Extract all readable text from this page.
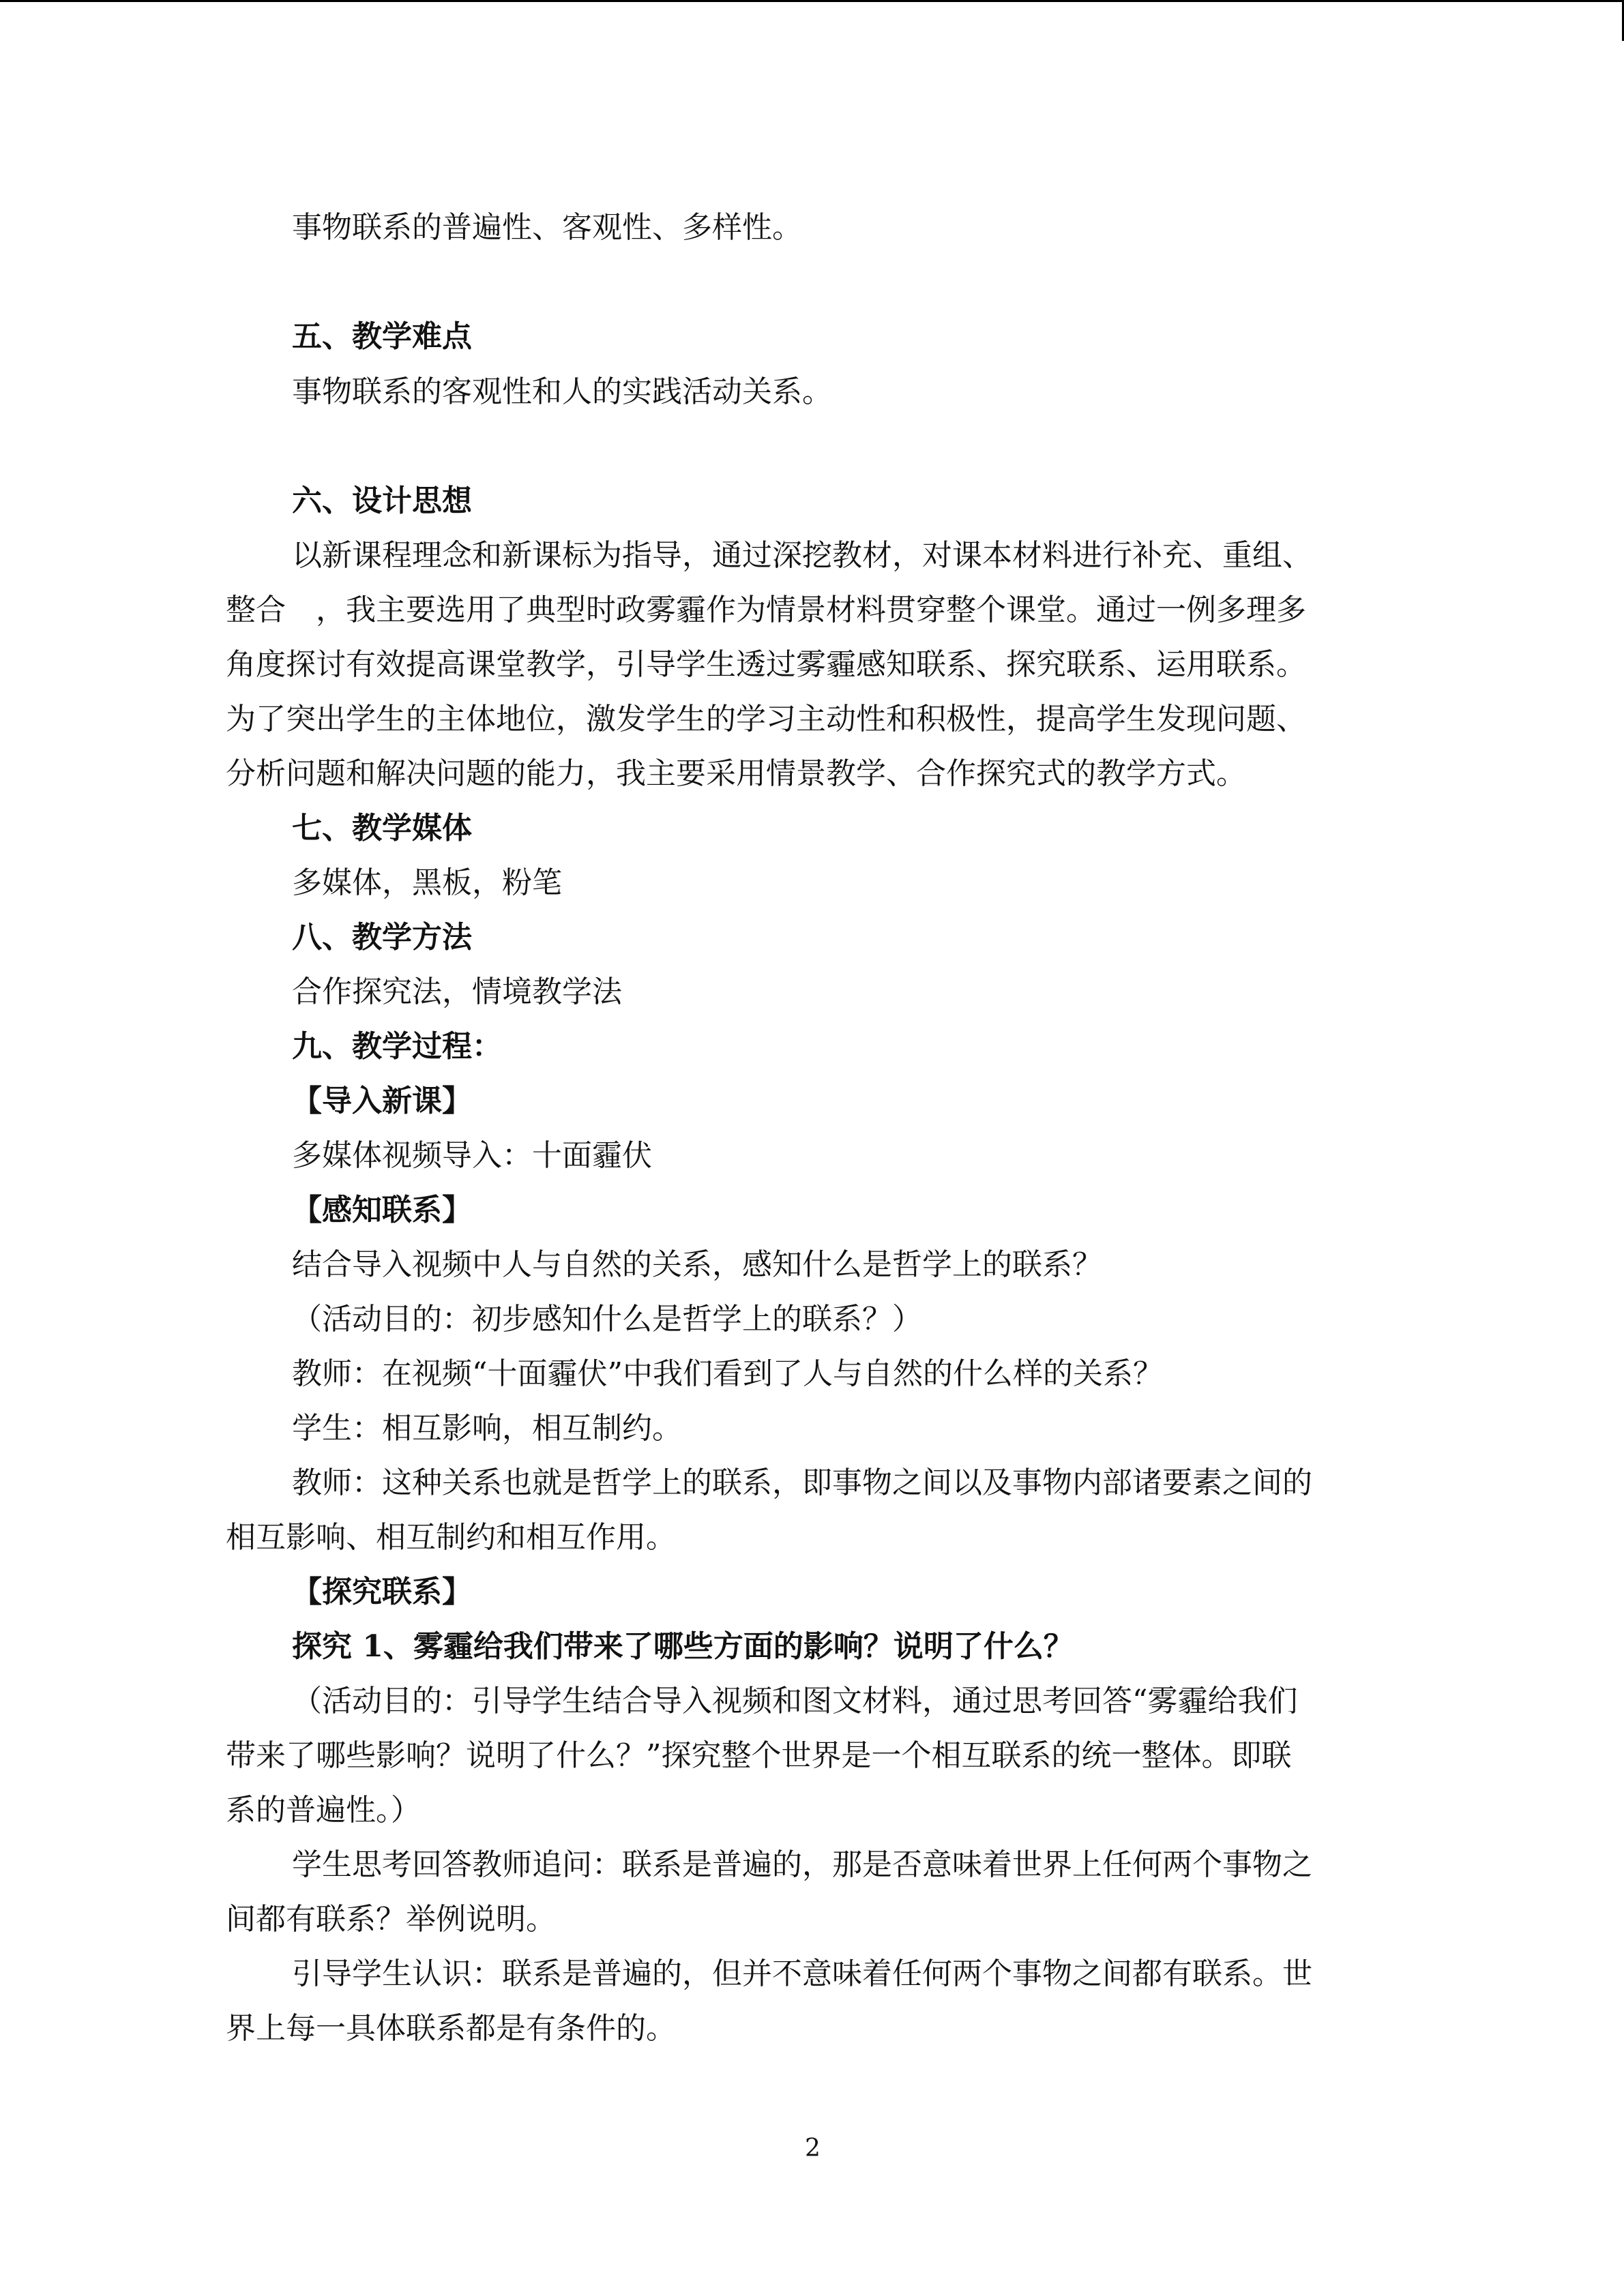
事物联系的普遍性、客观性、多样性。
五、教学难点
事物联系的客观性和人的实践活动关系。
六、设计思想
以新课程理念和新课标为指导，通过深挖教材，对课本材料进行补充、重组、
整合　，我主要选用了典型时政雾霾作为情景材料贯穿整个课堂。通过一例多理多
角度探讨有效提高课堂教学，引导学生透过雾霾感知联系、探究联系、运用联系。
为了突出学生的主体地位，激发学生的学习主动性和积极性，提高学生发现问题、
分析问题和解决问题的能力，我主要采用情景教学、合作探究式的教学方式。
七、教学媒体
多媒体，黑板，粉笔
八、教学方法
合作探究法，情境教学法
九、教学过程：
【导入新课】
多媒体视频导入：十面霾伏
【感知联系】
结合导入视频中人与自然的关系，感知什么是哲学上的联系？
（活动目的：初步感知什么是哲学上的联系？）
教师：在视频“十面霾伏”中我们看到了人与自然的什么样的关系？
学生：相互影响，相互制约。
教师：这种关系也就是哲学上的联系，即事物之间以及事物内部诸要素之间的
相互影响、相互制约和相互作用。
【探究联系】
探究 1、雾霾给我们带来了哪些方面的影响？说明了什么？
（活动目的：引导学生结合导入视频和图文材料，通过思考回答“雾霾给我们
带来了哪些影响？说明了什么？”探究整个世界是一个相互联系的统一整体。即联
系的普遍性。）
学生思考回答教师追问：联系是普遍的，那是否意味着世界上任何两个事物之
间都有联系？举例说明。
引导学生认识：联系是普遍的，但并不意味着任何两个事物之间都有联系。世
界上每一具体联系都是有条件的。
2
